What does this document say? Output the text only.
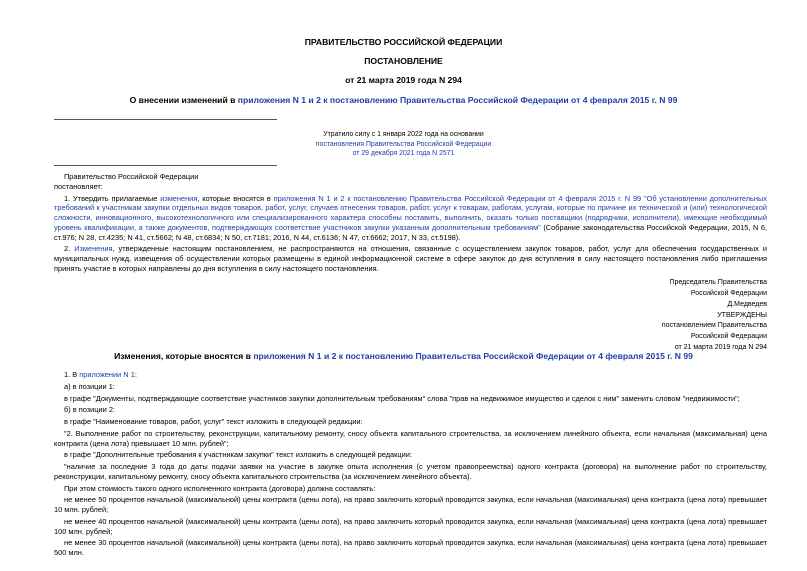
ПРАВИТЕЛЬСТВО РОССИЙСКОЙ ФЕДЕРАЦИИ
ПОСТАНОВЛЕНИЕ
от 21 марта 2019 года N 294
О внесении изменений в приложения N 1 и 2 к постановлению Правительства Российской Федерации от 4 февраля 2015 г. N 99
Утратило силу с 1 января 2022 года на основании
постановления Правительства Российской Федерации
от 29 декабря 2021 года N 2571

Правительство Российской Федерации

постановляет:

1. Утвердить прилагаемые изменения, которые вносятся в приложения N 1 и 2 к постановлению Правительства Российской Федерации от 4 февраля 2015 г. N 99 "Об установлении дополнительных требований к участникам закупки отдельных видов товаров, работ, услуг, случаев отнесения товаров, работ, услуг к товарам, работам, услугам, которые по причине их технической и (или) технологической сложности, инновационного, высокотехнологичного или специализированного характера способны поставить, выполнить, оказать только поставщики (подрядчики, исполнители), имеющие необходимый уровень квалификации, а также документов, подтверждающих соответствие участников закупки указанным дополнительным требованиям" (Собрание законодательства Российской Федерации, 2015, N 6, ст.976; N 28, ст.4235; N 41, ст.5662; N 48, ст.6834; N 50, ст.7181; 2016, N 44, ст.6136; N 47, ст.6662; 2017, N 33, ст.5198).

2. Изменения, утвержденные настоящим постановлением, не распространяются на отношения, связанные с осуществлением закупок товаров, работ, услуг для обеспечения государственных и муниципальных нужд, извещения об осуществлении которых размещены в единой информационной системе в сфере закупок до дня вступления в силу настоящего постановления либо приглашения принять участие в которых направлены до дня вступления в силу настоящего постановления.

Председатель Правительства
Российской Федерации
Д.Медведев
УТВЕРЖДЕНЫ
постановлением Правительства
Российской Федерации
от 21 марта 2019 года N 294
Изменения, которые вносятся в приложения N 1 и 2 к постановлению Правительства Российской Федерации от 4 февраля 2015 г. N 99

1. В приложении N 1:

а) в позиции 1:

в графе "Документы, подтверждающие соответствие участников закупки дополнительным требованиям" слова "прав на недвижимое имущество и сделок с ним" заменить словом "недвижимости";

б) в позиции 2:

в графе "Наименование товаров, работ, услуг" текст изложить в следующей редакции:

"2. Выполнение работ по строительству, реконструкции, капитальному ремонту, сносу объекта капитального строительства, за исключением линейного объекта, если начальная (максимальная) цена контракта (цена лота) превышает 10 млн. рублей";

в графе "Дополнительные требования к участникам закупки" текст изложить в следующей редакции:

"наличие за последние 3 года до даты подачи заявки на участие в закупке опыта исполнения (с учетом правопреемства) одного контракта (договора) на выполнение работ по строительству, реконструкции, капитальному ремонту, сносу объекта капитального строительства (за исключением линейного объекта).

При этом стоимость такого одного исполненного контракта (договора) должна составлять:

не менее 50 процентов начальной (максимальной) цены контракта (цены лота), на право заключить который проводится закупка, если начальная (максимальная) цена контракта (цена лота) превышает 10 млн. рублей;

не менее 40 процентов начальной (максимальной) цены контракта (цены лота), на право заключить который проводится закупка, если начальная (максимальная) цена контракта (цена лота) превышает 100 млн. рублей;

не менее 30 процентов начальной (максимальной) цены контракта (цены лота), на право заключить который проводится закупка, если начальная (максимальная) цена контракта (цена лота) превышает 500 млн.
